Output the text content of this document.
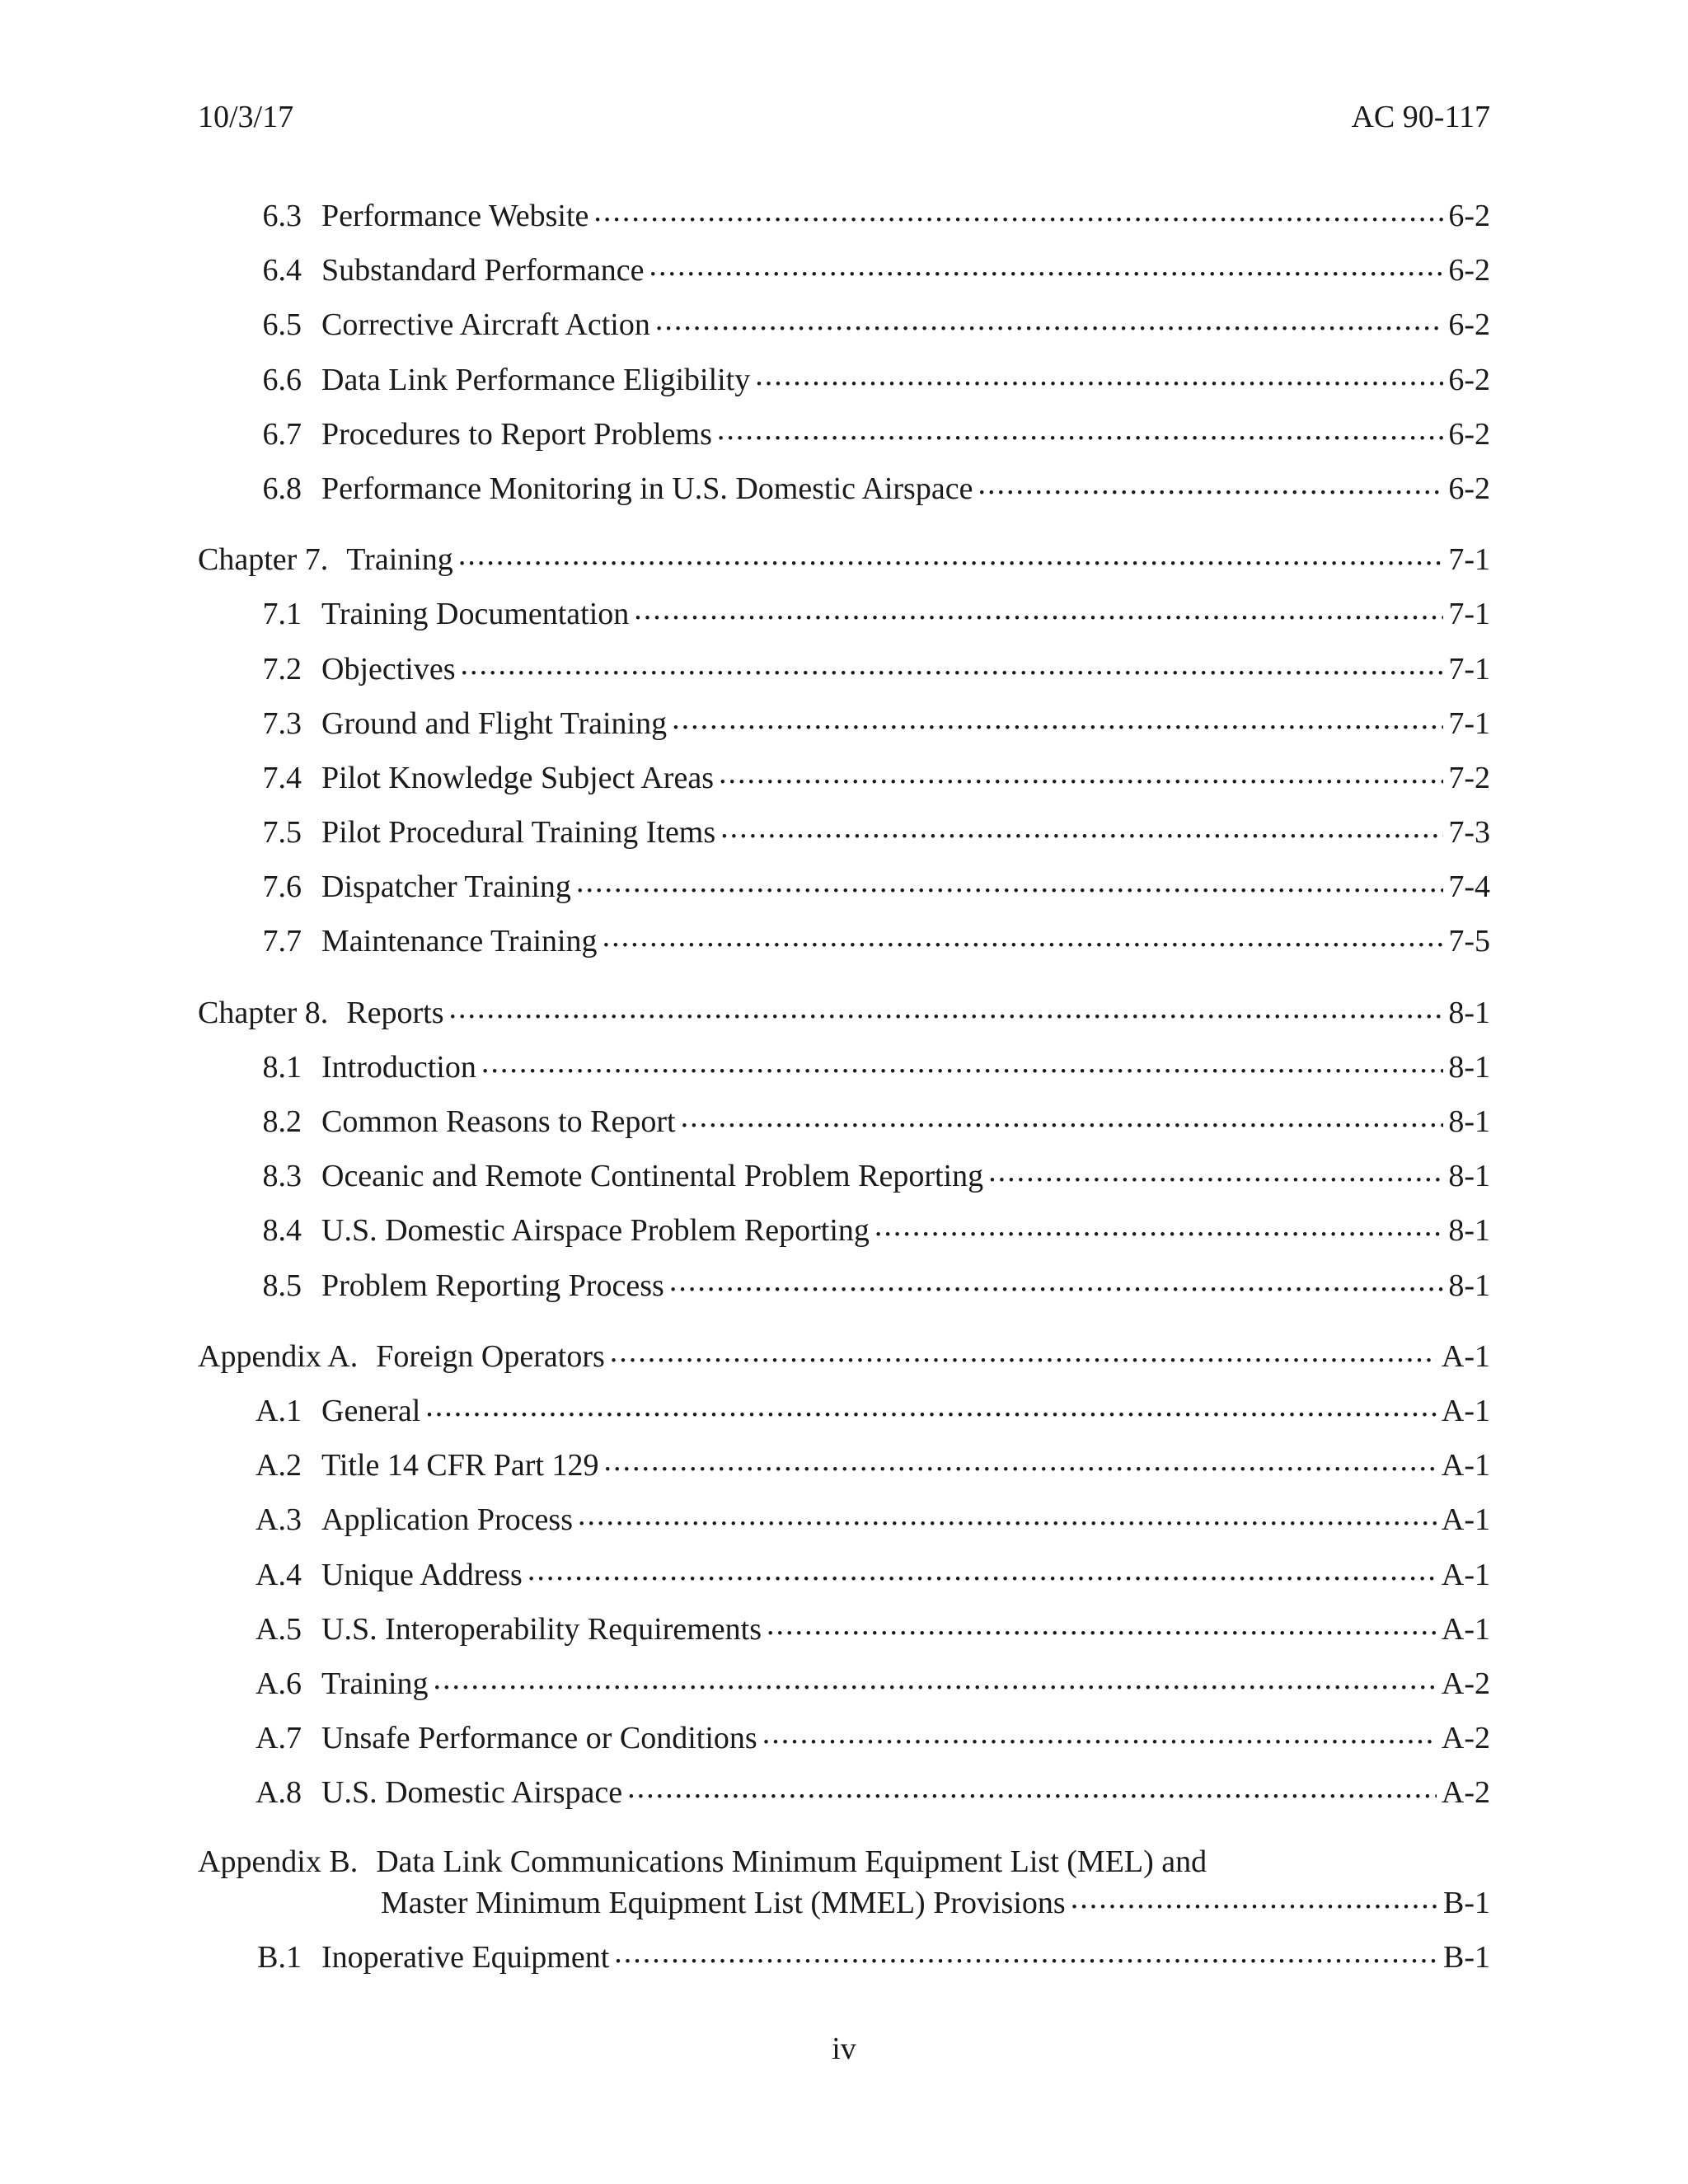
10/3/17	AC 90-117
6.3 Performance Website .....	6-2
6.4 Substandard Performance .....	6-2
6.5 Corrective Aircraft Action .....	6-2
6.6 Data Link Performance Eligibility .....	6-2
6.7 Procedures to Report Problems .....	6-2
6.8 Performance Monitoring in U.S. Domestic Airspace .....	6-2
Chapter 7. Training .....	7-1
7.1 Training Documentation .....	7-1
7.2 Objectives .....	7-1
7.3 Ground and Flight Training .....	7-1
7.4 Pilot Knowledge Subject Areas .....	7-2
7.5 Pilot Procedural Training Items .....	7-3
7.6 Dispatcher Training .....	7-4
7.7 Maintenance Training .....	7-5
Chapter 8. Reports .....	8-1
8.1 Introduction .....	8-1
8.2 Common Reasons to Report .....	8-1
8.3 Oceanic and Remote Continental Problem Reporting .....	8-1
8.4 U.S. Domestic Airspace Problem Reporting .....	8-1
8.5 Problem Reporting Process .....	8-1
Appendix A. Foreign Operators .....	A-1
A.1 General .....	A-1
A.2 Title 14 CFR Part 129 .....	A-1
A.3 Application Process .....	A-1
A.4 Unique Address .....	A-1
A.5 U.S. Interoperability Requirements .....	A-1
A.6 Training .....	A-2
A.7 Unsafe Performance or Conditions .....	A-2
A.8 U.S. Domestic Airspace .....	A-2
Appendix B. Data Link Communications Minimum Equipment List (MEL) and
Master Minimum Equipment List (MMEL) Provisions .....	B-1
B.1 Inoperative Equipment .....	B-1
iv
